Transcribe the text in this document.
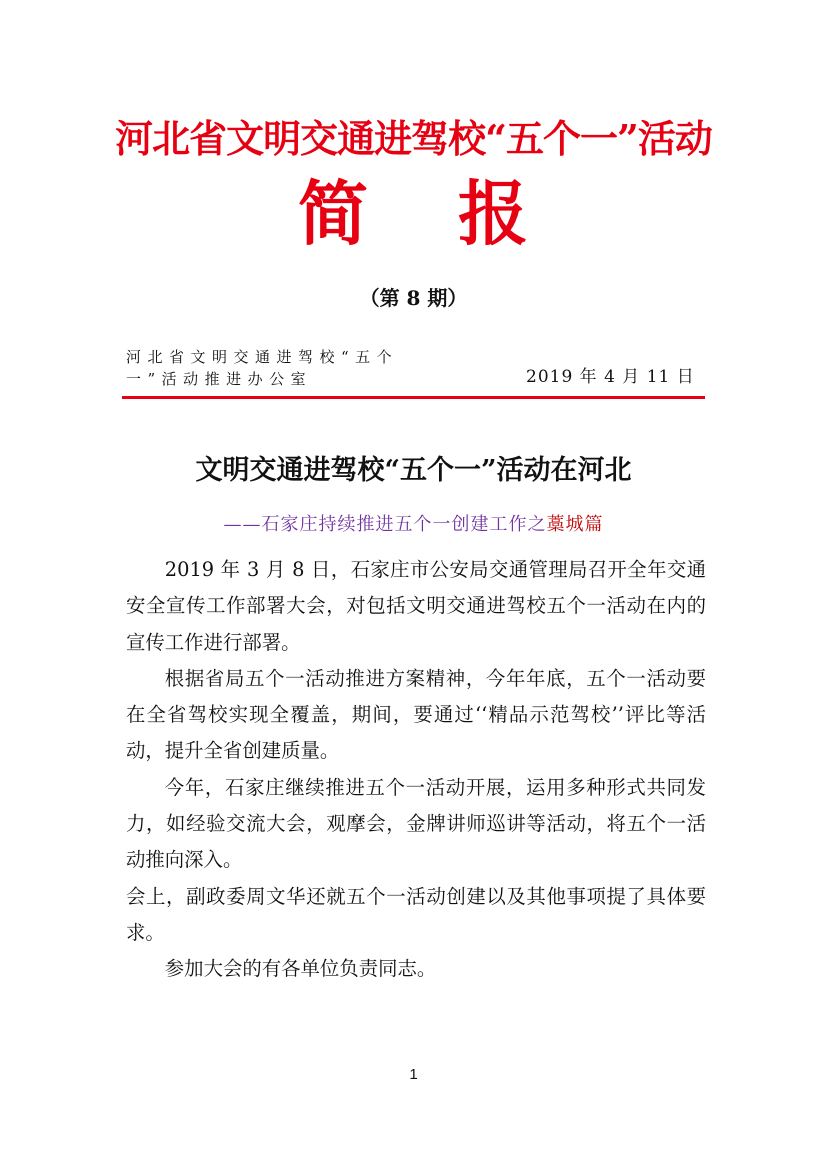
河北省文明交通进驾校“五个一”活动
简 报
（第 8 期）
河北省文明交通进驾校“五个一”活动推进办公室	2019 年 4 月 11 日
文明交通进驾校“五个一”活动在河北
——石家庄持续推进五个一创建工作之藁城篇

2019 年 3 月 8 日，石家庄市公安局交通管理局召开全年交通安全宣传工作部署大会，对包括文明交通进驾校五个一活动在内的宣传工作进行部署。

根据省局五个一活动推进方案精神，今年年底，五个一活动要在全省驾校实现全覆盖，期间，要通过‘‘精品示范驾校’’评比等活动，提升全省创建质量。

今年，石家庄继续推进五个一活动开展，运用多种形式共同发力，如经验交流大会，观摩会，金牌讲师巡讲等活动，将五个一活动推向深入。

会上，副政委周文华还就五个一活动创建以及其他事项提了具体要求。

参加大会的有各单位负责同志。

1
